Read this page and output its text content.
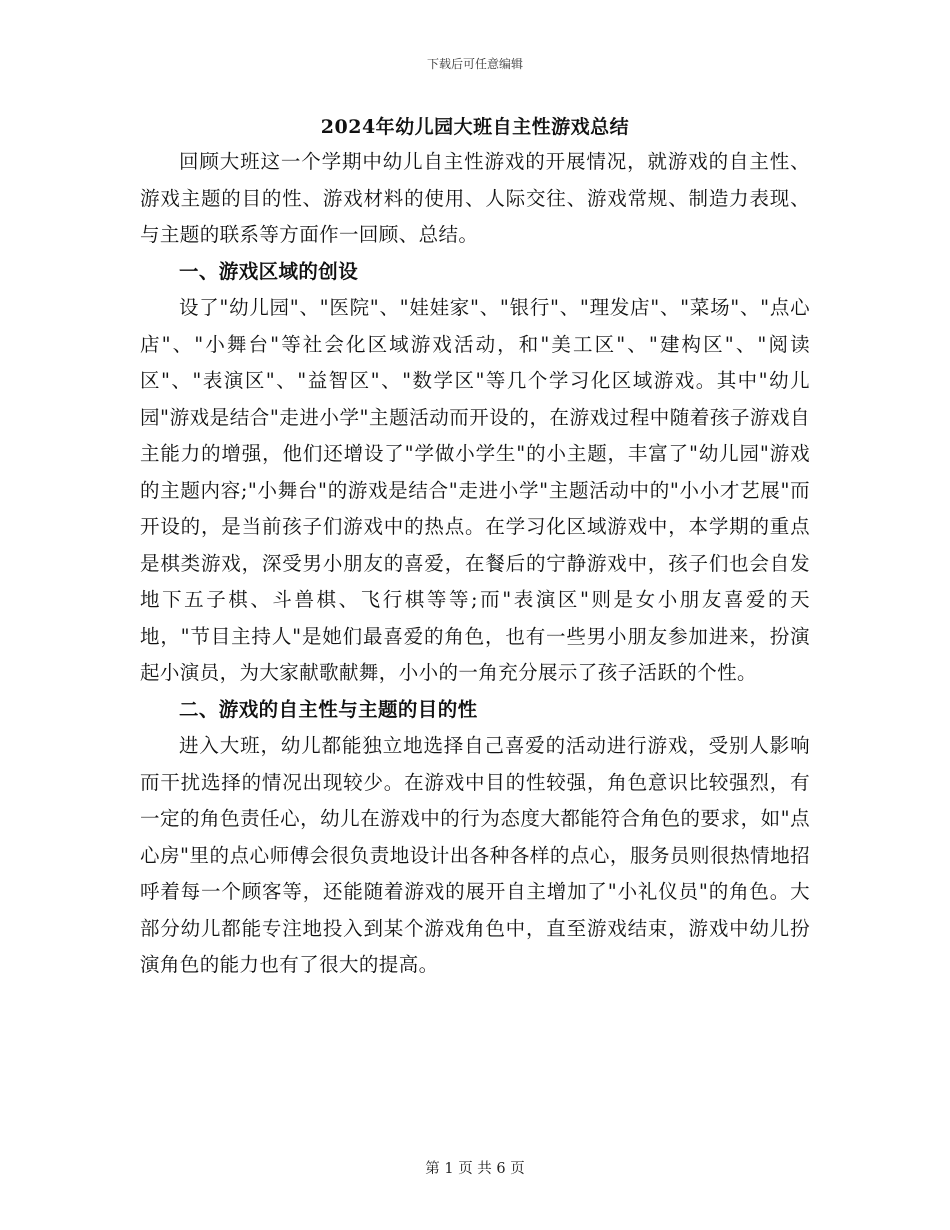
下载后可任意编辑
2024年幼儿园大班自主性游戏总结

回顾大班这一个学期中幼儿自主性游戏的开展情况，就游戏的自主性、游戏主题的目的性、游戏材料的使用、人际交往、游戏常规、制造力表现、与主题的联系等方面作一回顾、总结。

一、游戏区域的创设

设了"幼儿园"、"医院"、"娃娃家"、"银行"、"理发店"、"菜场"、"点心店"、"小舞台"等社会化区域游戏活动，和"美工区"、"建构区"、"阅读区"、"表演区"、"益智区"、"数学区"等几个学习化区域游戏。其中"幼儿园"游戏是结合"走进小学"主题活动而开设的，在游戏过程中随着孩子游戏自主能力的增强，他们还增设了"学做小学生"的小主题，丰富了"幼儿园"游戏的主题内容;"小舞台"的游戏是结合"走进小学"主题活动中的"小小才艺展"而开设的，是当前孩子们游戏中的热点。在学习化区域游戏中，本学期的重点是棋类游戏，深受男小朋友的喜爱，在餐后的宁静游戏中，孩子们也会自发地下五子棋、斗兽棋、飞行棋等等;而"表演区"则是女小朋友喜爱的天地，"节目主持人"是她们最喜爱的角色，也有一些男小朋友参加进来，扮演起小演员，为大家献歌献舞，小小的一角充分展示了孩子活跃的个性。

二、游戏的自主性与主题的目的性

进入大班，幼儿都能独立地选择自己喜爱的活动进行游戏，受别人影响而干扰选择的情况出现较少。在游戏中目的性较强，角色意识比较强烈，有一定的角色责任心，幼儿在游戏中的行为态度大都能符合角色的要求，如"点心房"里的点心师傅会很负责地设计出各种各样的点心，服务员则很热情地招呼着每一个顾客等，还能随着游戏的展开自主增加了"小礼仪员"的角色。大部分幼儿都能专注地投入到某个游戏角色中，直至游戏结束，游戏中幼儿扮演角色的能力也有了很大的提高。

第 1 页 共 6 页
